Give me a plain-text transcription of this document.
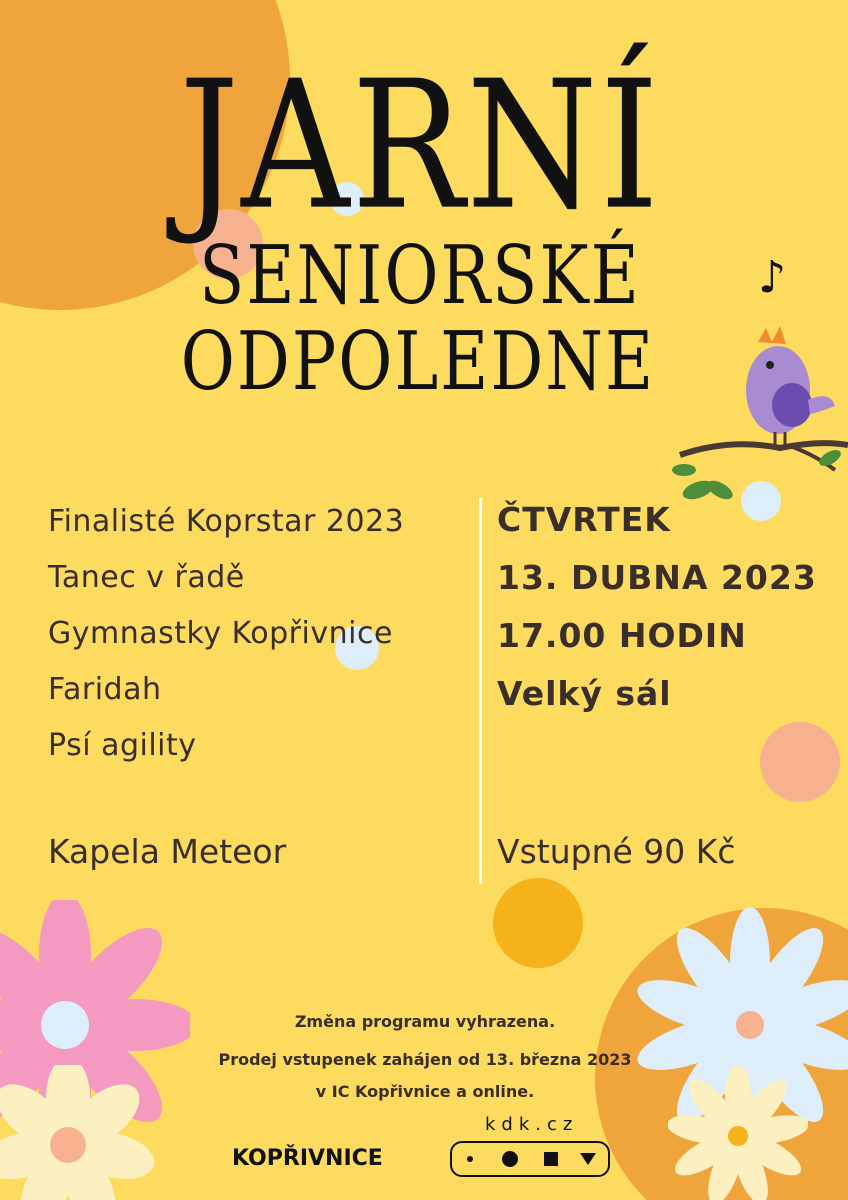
JARNÍ
SENIORSKÉ
ODPOLEDNE
♪
Finalisté Koprstar 2023
Tanec v řadě
Gymnastky Kopřivnice
Faridah
Psí agility
Kapela Meteor
ČTVRTEK
13. DUBNA 2023
17.00 HODIN
Velký sál
Vstupné 90 Kč
Změna programu vyhrazena.
Prodej vstupenek zahájen od 13. března 2023
v IC Kopřivnice a online.
KOPŘIVNICE
kdk.cz
